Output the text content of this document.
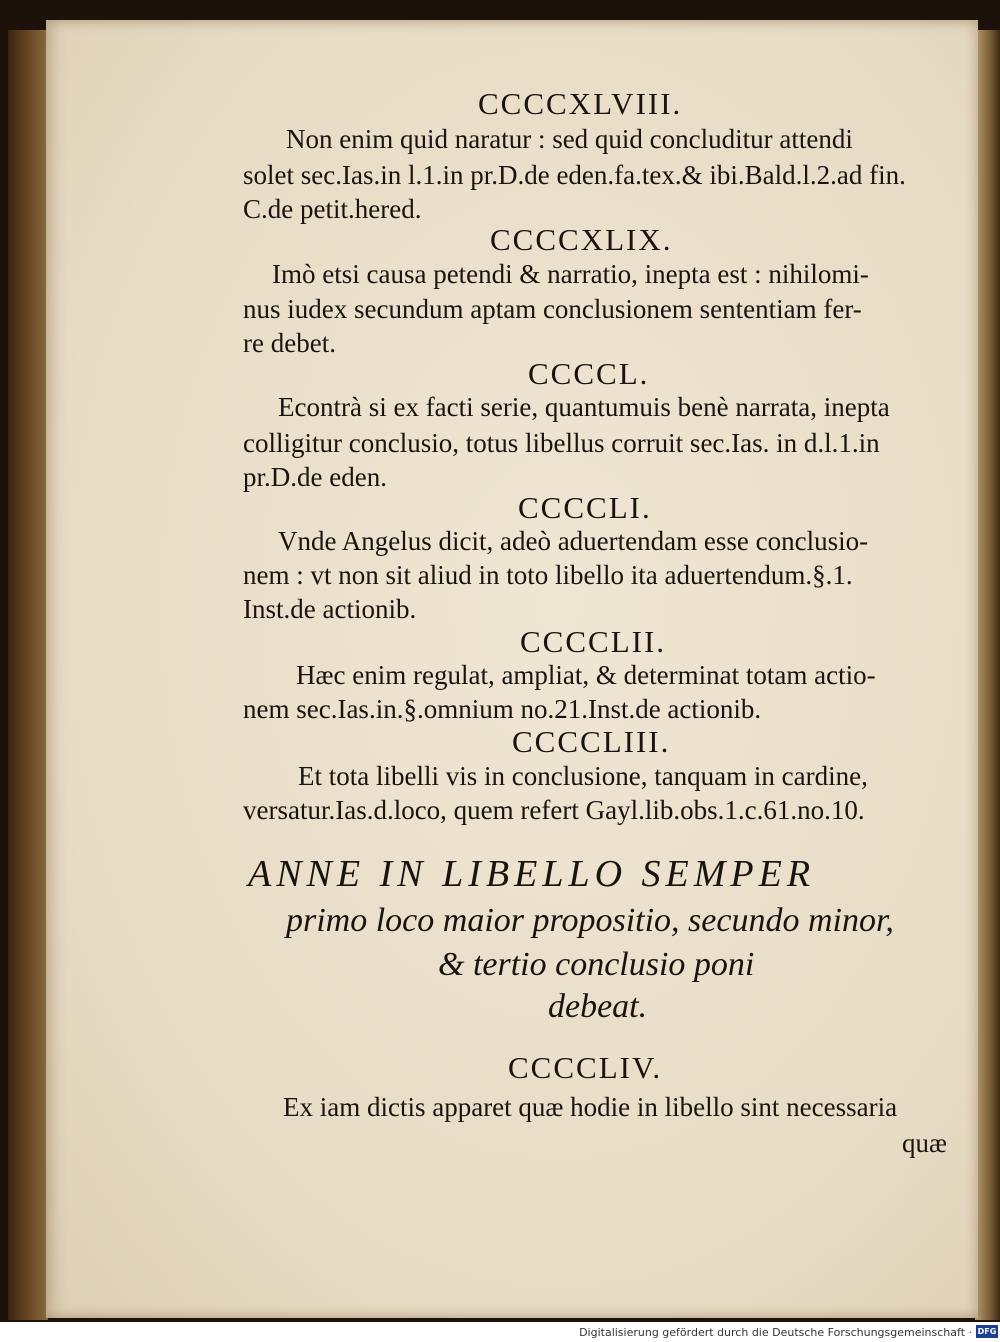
CCCCXLVIII.
Non enim quid naratur : sed quid concluditur attendi
solet sec.Ias.in l.1.in pr.D.de eden.fa.tex.& ibi.Bald.l.2.ad fin.
C.de petit.hered.
CCCCXLIX.
Imò etsi causa petendi & narratio, inepta est : nihilomi-
nus iudex secundum aptam conclusionem sententiam fer-
re debet.
CCCCL.
Econtrà si ex facti serie, quantumuis benè narrata, inepta
colligitur conclusio, totus libellus corruit sec.Ias. in d.l.1.in
pr.D.de eden.
CCCCLI.
Vnde Angelus dicit, adeò aduertendam esse conclusio-
nem : vt non sit aliud in toto libello ita aduertendum.§.1.
Inst.de actionib.
CCCCLII.
Hæc enim regulat, ampliat, & determinat totam actio-
nem sec.Ias.in.§.omnium no.21.Inst.de actionib.
CCCCLIII.
Et tota libelli vis in conclusione, tanquam in cardine,
versatur.Ias.d.loco, quem refert Gayl.lib.obs.1.c.61.no.10.
ANNE IN LIBELLO SEMPER
primo loco maior propositio, secundo minor,
& tertio conclusio poni
debeat.
CCCCLIV.
Ex iam dictis apparet quæ hodie in libello sint necessaria
quæ
Digitalisierung gefördert durch die Deutsche Forschungsgemeinschaft · DFG
